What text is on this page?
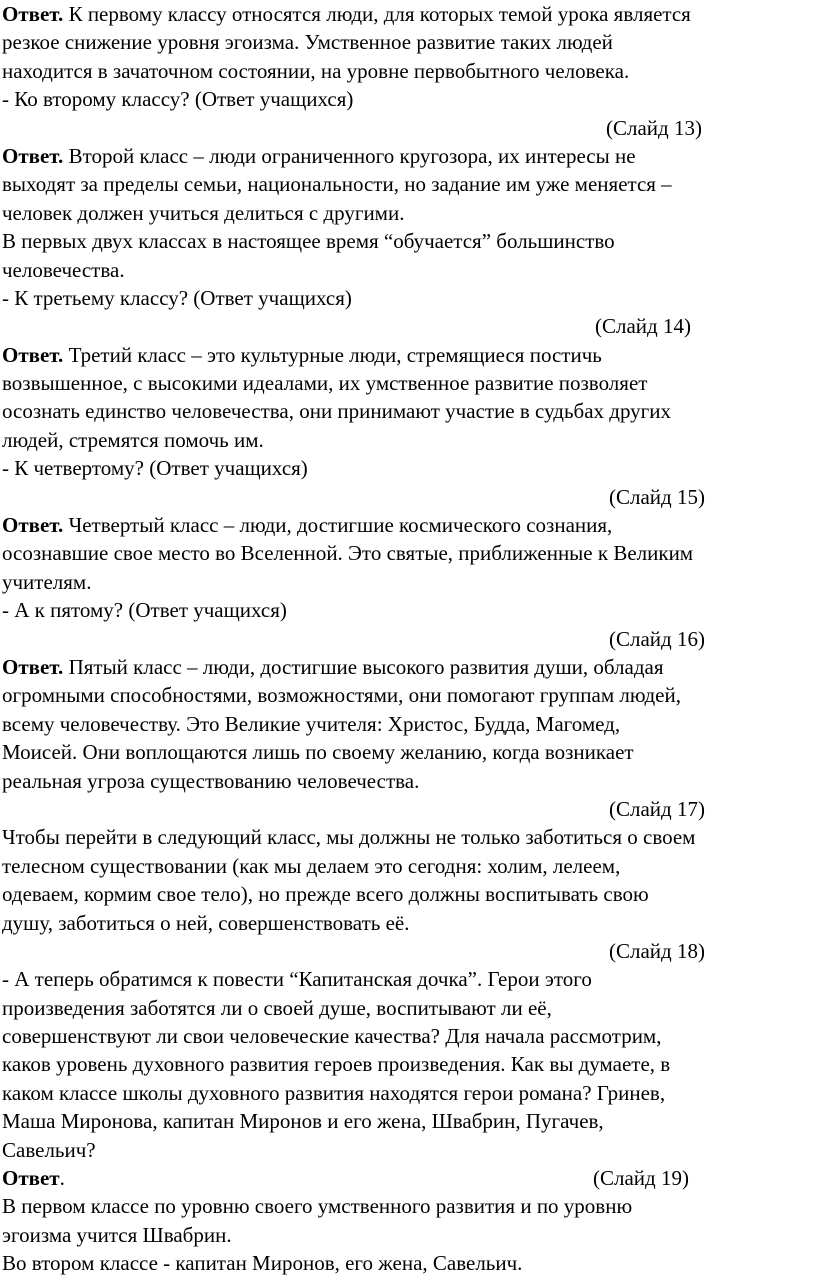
Ответ. К первому классу относятся люди, для которых темой урока является
резкое снижение уровня эгоизма. Умственное развитие таких людей
находится в зачаточном состоянии, на уровне первобытного человека.
- Ко второму классу? (Ответ учащихся)
(Слайд 13)
Ответ. Второй класс – люди ограниченного кругозора, их интересы не
выходят за пределы семьи, национальности, но задание им уже меняется –
человек должен учиться делиться с другими.
В первых двух классах в настоящее время “обучается” большинство
человечества.
- К третьему классу? (Ответ учащихся)
(Слайд 14)
Ответ. Третий класс – это культурные люди, стремящиеся постичь
возвышенное, с высокими идеалами, их умственное развитие позволяет
осознать единство человечества, они принимают участие в судьбах других
людей, стремятся помочь им.
- К четвертому? (Ответ учащихся)
(Слайд 15)
Ответ. Четвертый класс – люди, достигшие космического сознания,
осознавшие свое место во Вселенной. Это святые, приближенные к Великим
учителям.
- А к пятому? (Ответ учащихся)
(Слайд 16)
Ответ. Пятый класс – люди, достигшие высокого развития души, обладая
огромными способностями, возможностями, они помогают группам людей,
всему человечеству. Это Великие учителя: Христос, Будда, Магомед,
Моисей. Они воплощаются лишь по своему желанию, когда возникает
реальная угроза существованию человечества.
(Слайд 17)
Чтобы перейти в следующий класс, мы должны не только заботиться о своем
телесном существовании (как мы делаем это сегодня: холим, лелеем,
одеваем, кормим свое тело), но прежде всего должны воспитывать свою
душу, заботиться о ней, совершенствовать её.
(Слайд 18)
- А теперь обратимся к повести “Капитанская дочка”. Герои этого
произведения заботятся ли о своей душе, воспитывают ли её,
совершенствуют ли свои человеческие качества? Для начала рассмотрим,
каков уровень духовного развития героев произведения. Как вы думаете, в
каком классе школы духовного развития находятся герои романа? Гринев,
Маша Миронова, капитан Миронов и его жена, Швабрин, Пугачев,
Савельич?
Ответ.	(Слайд 19)
В первом классе по уровню своего умственного развития и по уровню
эгоизма учится Швабрин.
Во втором классе - капитан Миронов, его жена, Савельич.
